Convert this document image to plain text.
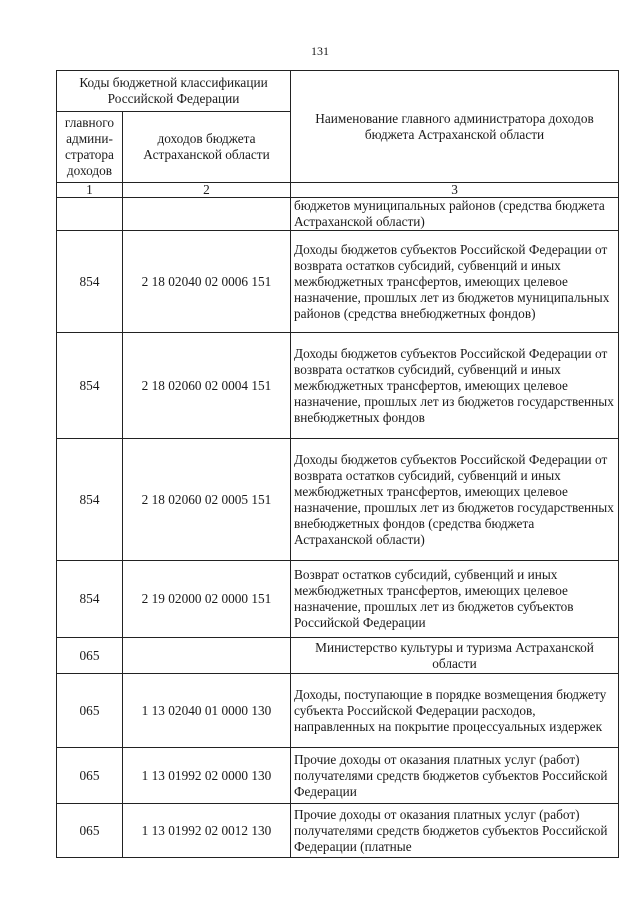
131
Коды бюджетной классификации Российской Федерации		Наименование главного администратора доходов бюджета Астраханской области
главного админи-стратора доходов	доходов бюджета Астраханской области	
1	2	3
		бюджетов муниципальных районов (средства бюджета Астраханской области)
854	2 18 02040 02 0006 151	Доходы бюджетов субъектов Российской Федерации от возврата остатков субсидий, субвенций и иных межбюджетных трансфертов, имеющих целевое назначение, прошлых лет из бюджетов муниципальных районов (средства внебюджетных фондов)
854	2 18 02060 02 0004 151	Доходы бюджетов субъектов Российской Федерации от возврата остатков субсидий, субвенций и иных межбюджетных трансфертов, имеющих целевое назначение, прошлых лет из бюджетов государственных внебюджетных фондов
854	2 18 02060 02 0005 151	Доходы бюджетов субъектов Российской Федерации от возврата остатков субсидий, субвенций и иных межбюджетных трансфертов, имеющих целевое назначение, прошлых лет из бюджетов государственных внебюджетных фондов (средства бюджета Астраханской области)
854	2 19 02000 02 0000 151	Возврат остатков субсидий, субвенций и иных межбюджетных трансфертов, имеющих целевое назначение, прошлых лет из бюджетов субъектов Российской Федерации
065		Министерство культуры и туризма Астраханской области
065	1 13 02040 01 0000 130	Доходы, поступающие в порядке возмещения бюджету субъекта Российской Федерации расходов, направленных на покрытие процессуальных издержек
065	1 13 01992 02 0000 130	Прочие доходы от оказания платных услуг (работ) получателями средств бюджетов субъектов Российской Федерации
065	1 13 01992 02 0012 130	Прочие доходы от оказания платных услуг (работ) получателями средств бюджетов субъектов Российской Федерации (платные
